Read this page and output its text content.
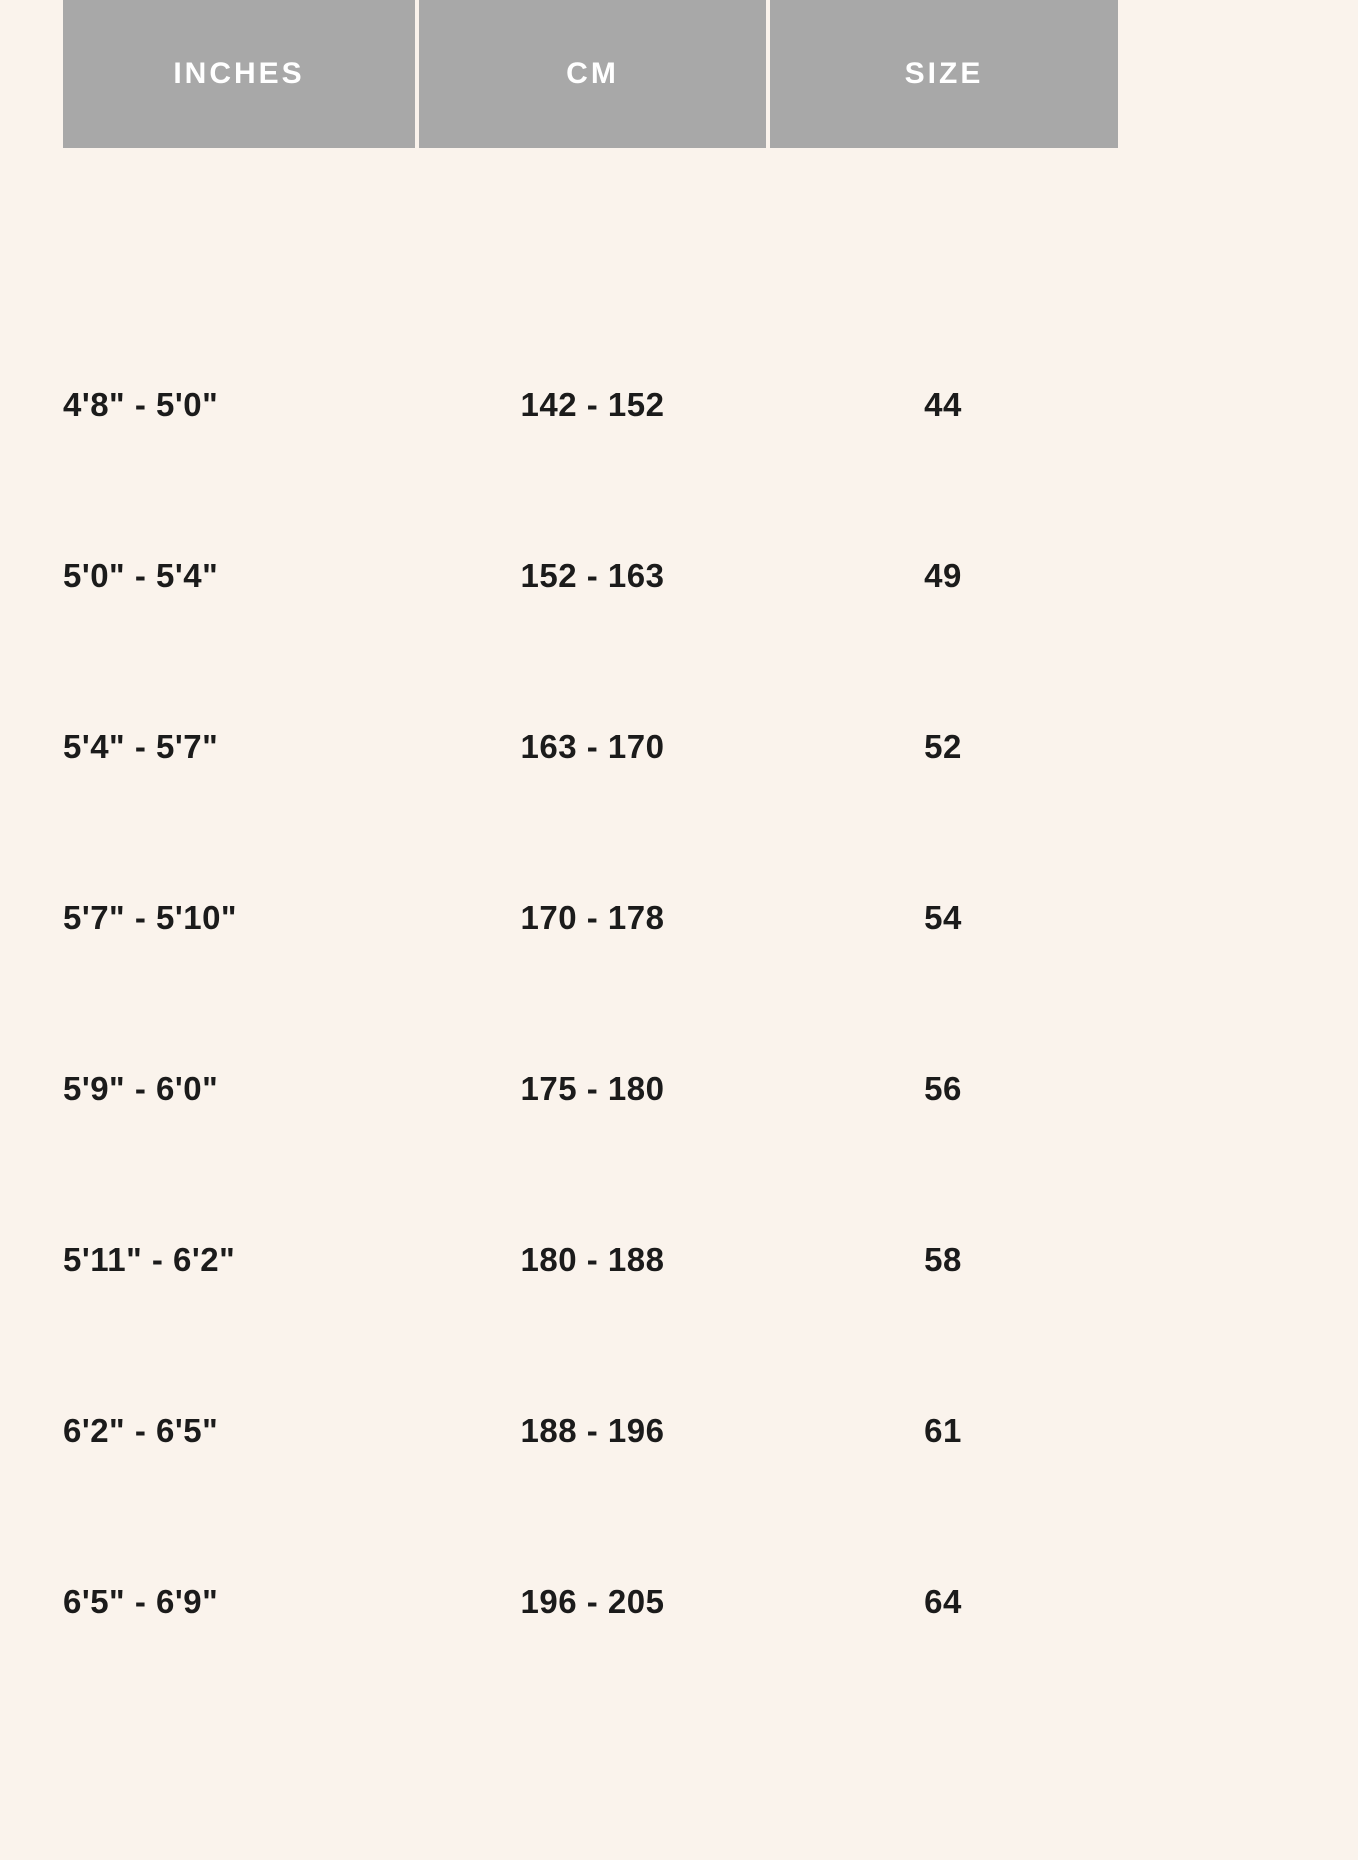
INCHES	CM	SIZE

4'8" - 5'0"	142 - 152	44
5'0" - 5'4"	152 - 163	49
5'4" - 5'7"	163 - 170	52
5'7" - 5'10"	170 - 178	54
5'9" - 6'0"	175 - 180	56
5'11" - 6'2"	180 - 188	58
6'2" - 6'5"	188 - 196	61
6'5" - 6'9"	196 - 205	64
